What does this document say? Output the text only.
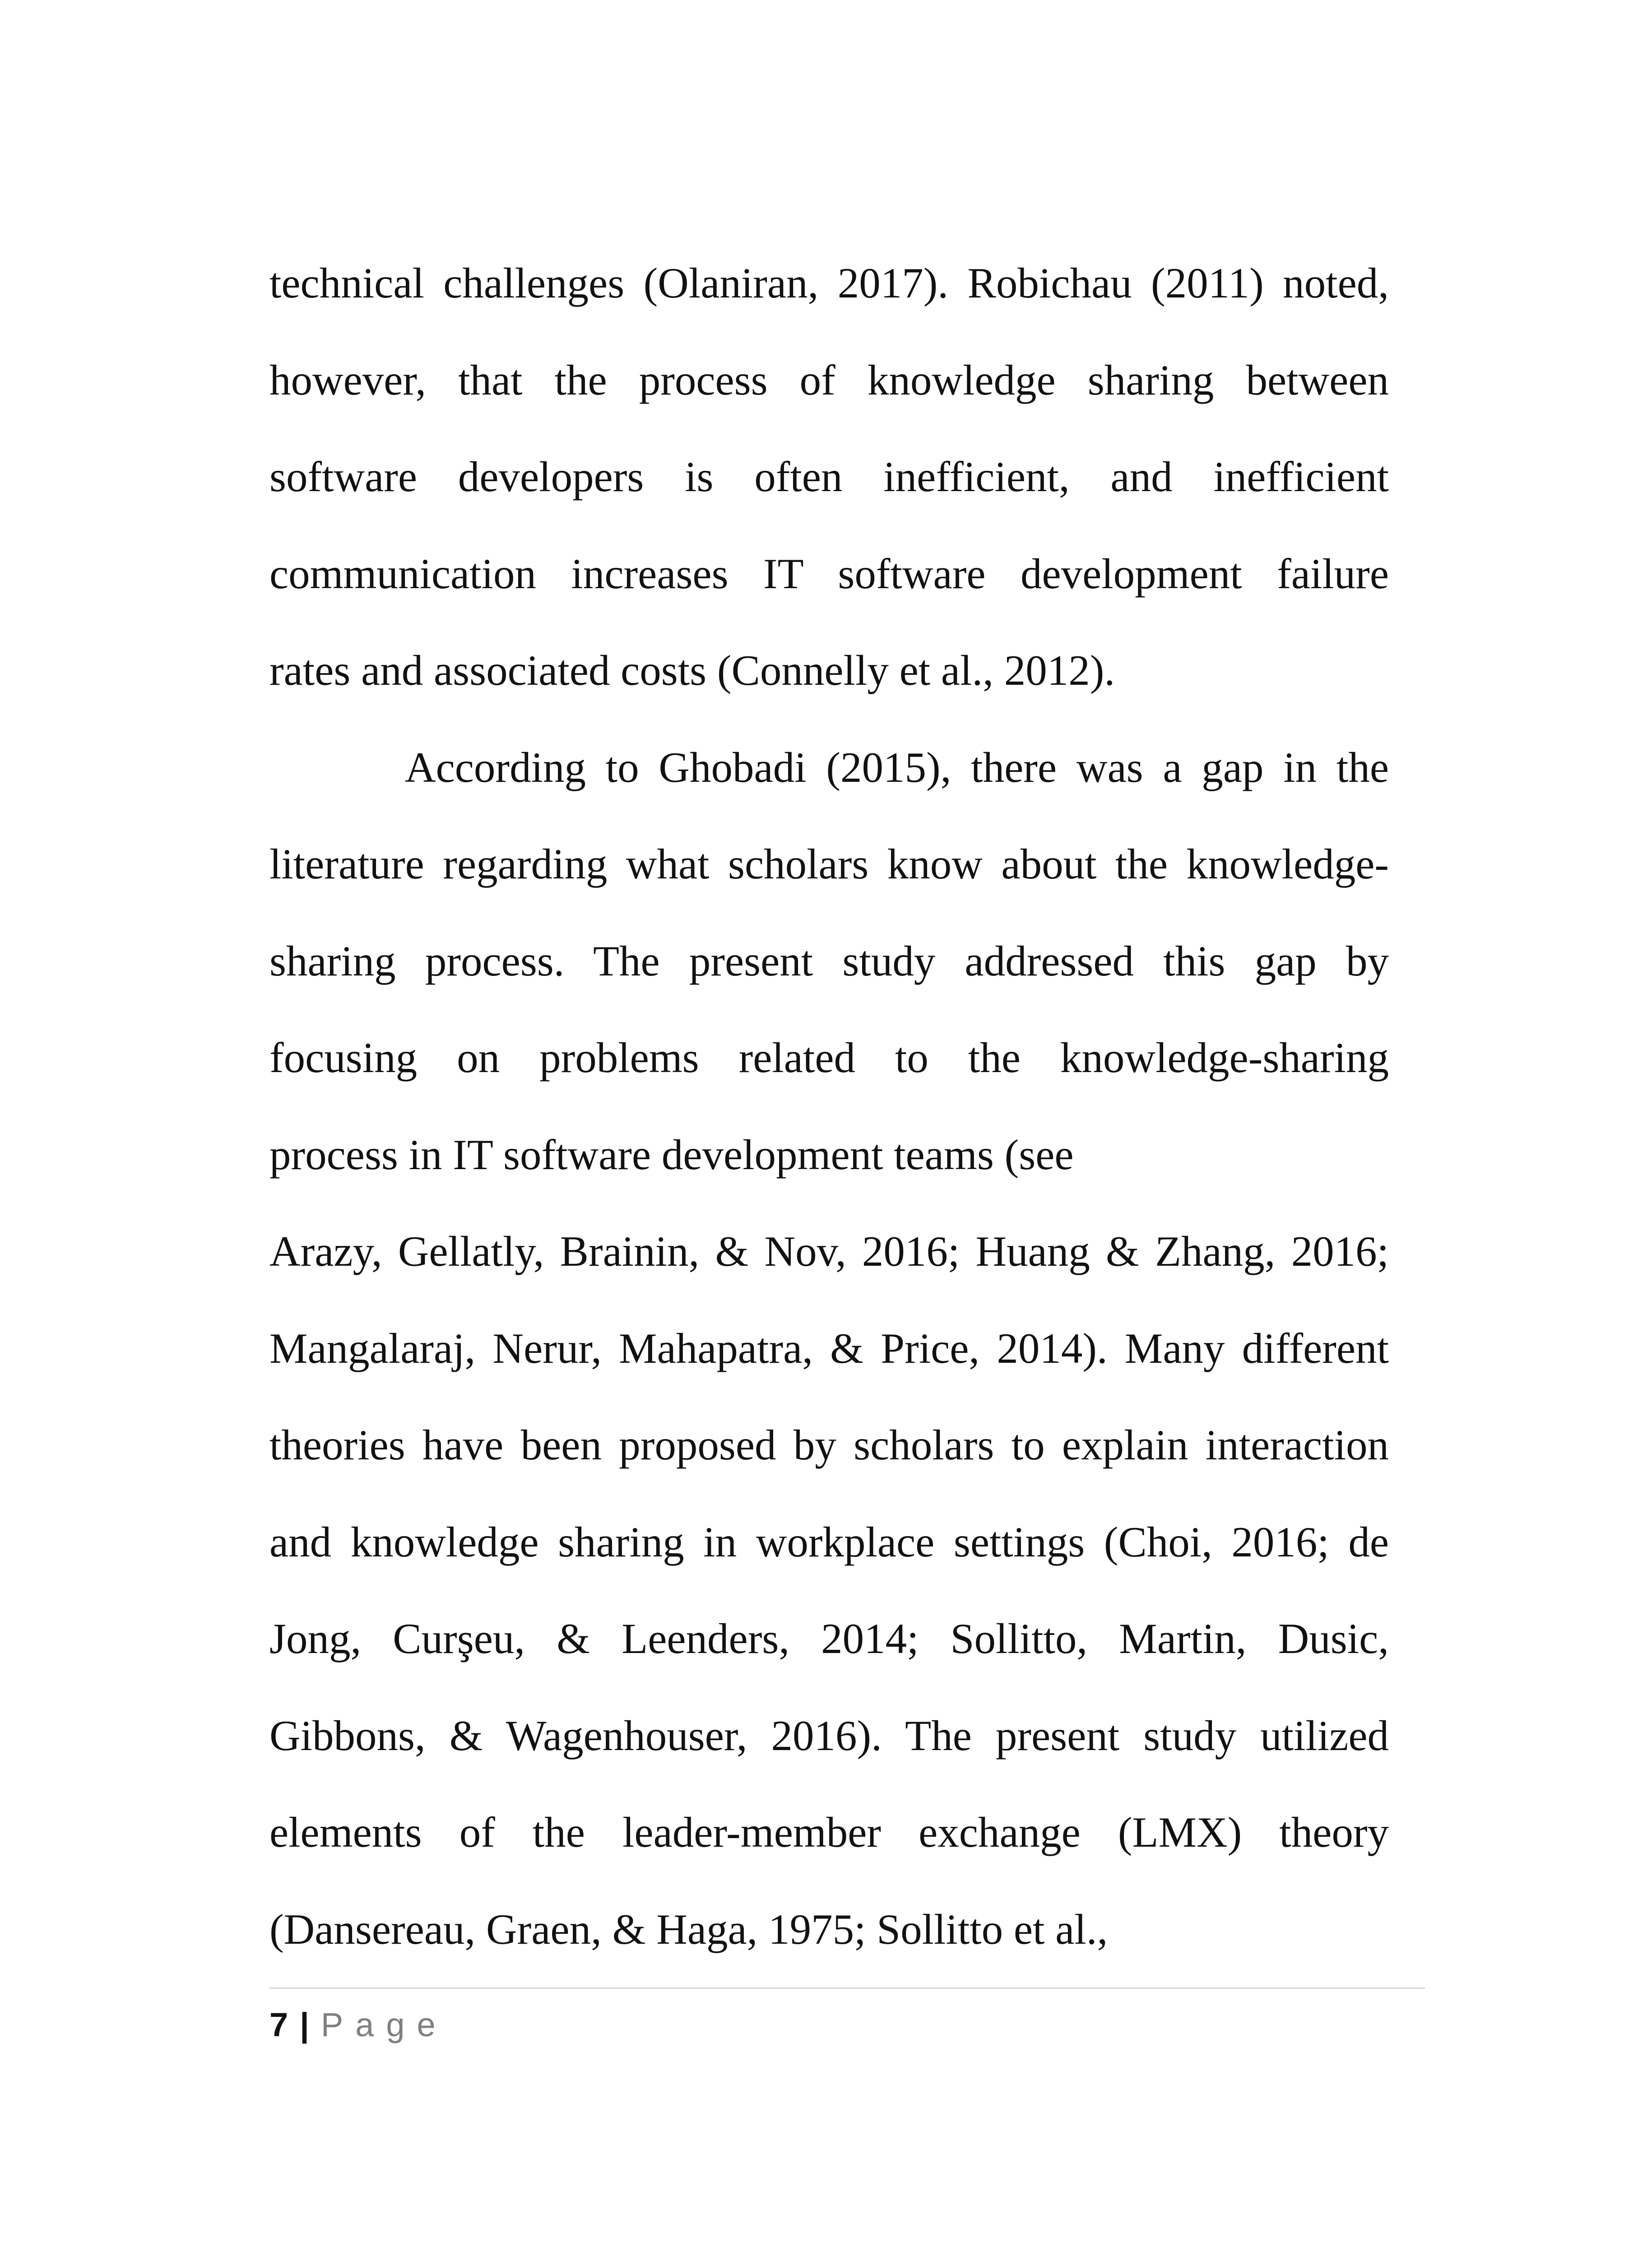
technical challenges (Olaniran, 2017). Robichau (2011) noted,
however, that the process of knowledge sharing between
software developers is often inefficient, and inefficient
communication increases IT software development failure
rates and associated costs (Connelly et al., 2012).
According to Ghobadi (2015), there was a gap in the
literature regarding what scholars know about the knowledge-
sharing process. The present study addressed this gap by
focusing on problems related to the knowledge-sharing
process in IT software development teams (see
Arazy, Gellatly, Brainin, & Nov, 2016; Huang & Zhang, 2016;
Mangalaraj, Nerur, Mahapatra, & Price, 2014). Many different
theories have been proposed by scholars to explain interaction
and knowledge sharing in workplace settings (Choi, 2016; de
Jong, Curşeu, & Leenders, 2014; Sollitto, Martin, Dusic,
Gibbons, & Wagenhouser, 2016). The present study utilized
elements of the leader-member exchange (LMX) theory
(Dansereau, Graen, & Haga, 1975; Sollitto et al.,
7 | Page
